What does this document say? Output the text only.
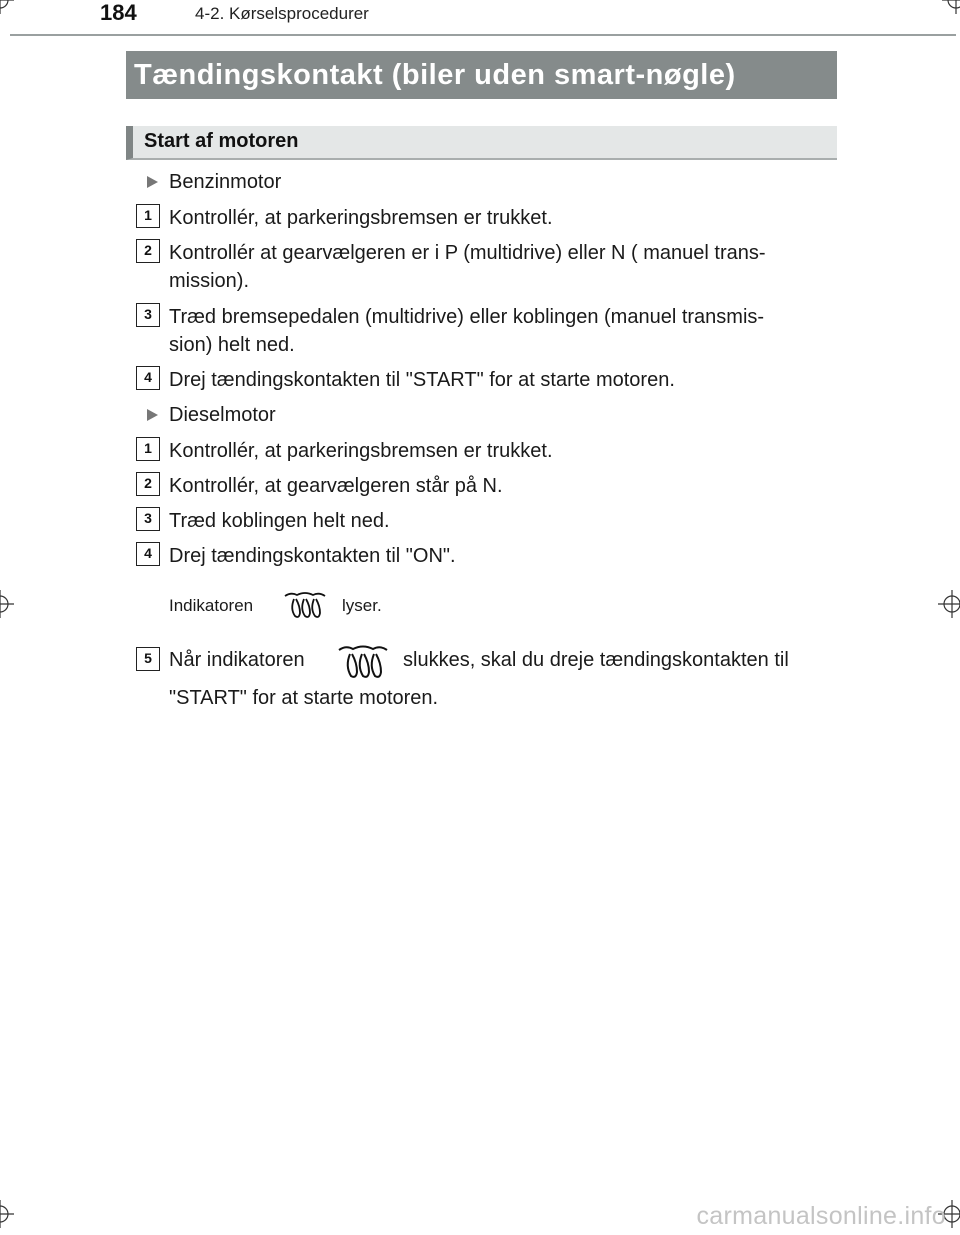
184	4-2. Kørselsprocedurer
Tændingskontakt (biler uden smart-nøgle)
Start af motoren
Benzinmotor
1 Kontrollér, at parkeringsbremsen er trukket.
2 Kontrollér at gearvælgeren er i P (multidrive) eller N ( manuel trans-
mission).
3 Træd bremsepedalen (multidrive) eller koblingen (manuel transmis-
sion) helt ned.
4 Drej tændingskontakten til "START" for at starte motoren.
Dieselmotor
1 Kontrollér, at parkeringsbremsen er trukket.
2 Kontrollér, at gearvælgeren står på N.
3 Træd koblingen helt ned.
4 Drej tændingskontakten til "ON".
Indikatoren	lyser.
5 Når indikatoren	slukkes, skal du dreje tændingskontakten til
"START" for at starte motoren.
carmanualsonline.info
